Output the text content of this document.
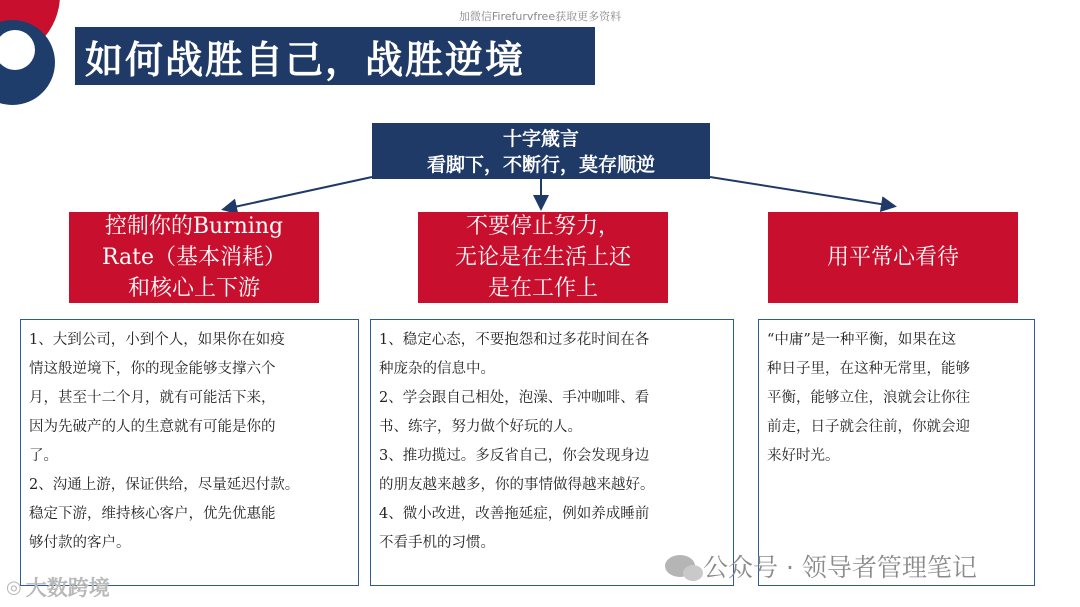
加微信Firefurvfree获取更多资料
如何战胜自己，战胜逆境
十字箴言
看脚下，不断行，莫存顺逆
控制你的Burning
Rate（基本消耗）
和核心上下游
不要停止努力，
无论是在生活上还
是在工作上
用平常心看待

1、大到公司，小到个人，如果你在如疫

情这般逆境下，你的现金能够支撑六个

月，甚至十二个月，就有可能活下来，

因为先破产的人的生意就有可能是你的

了。

2、沟通上游，保证供给，尽量延迟付款。

稳定下游，维持核心客户，优先优惠能

够付款的客户。

1、稳定心态，不要抱怨和过多花时间在各

种庞杂的信息中。

2、学会跟自己相处，泡澡、手冲咖啡、看

书、练字，努力做个好玩的人。

3、推功揽过。多反省自己，你会发现身边

的朋友越来越多，你的事情做得越来越好。

4、微小改进，改善拖延症，例如养成睡前

不看手机的习惯。

“中庸”是一种平衡，如果在这

种日子里，在这种无常里，能够

平衡，能够立住，浪就会让你往

前走，日子就会往前，你就会迎

来好时光。

公众号 · 领导者管理笔记
◎ 大数跨境
